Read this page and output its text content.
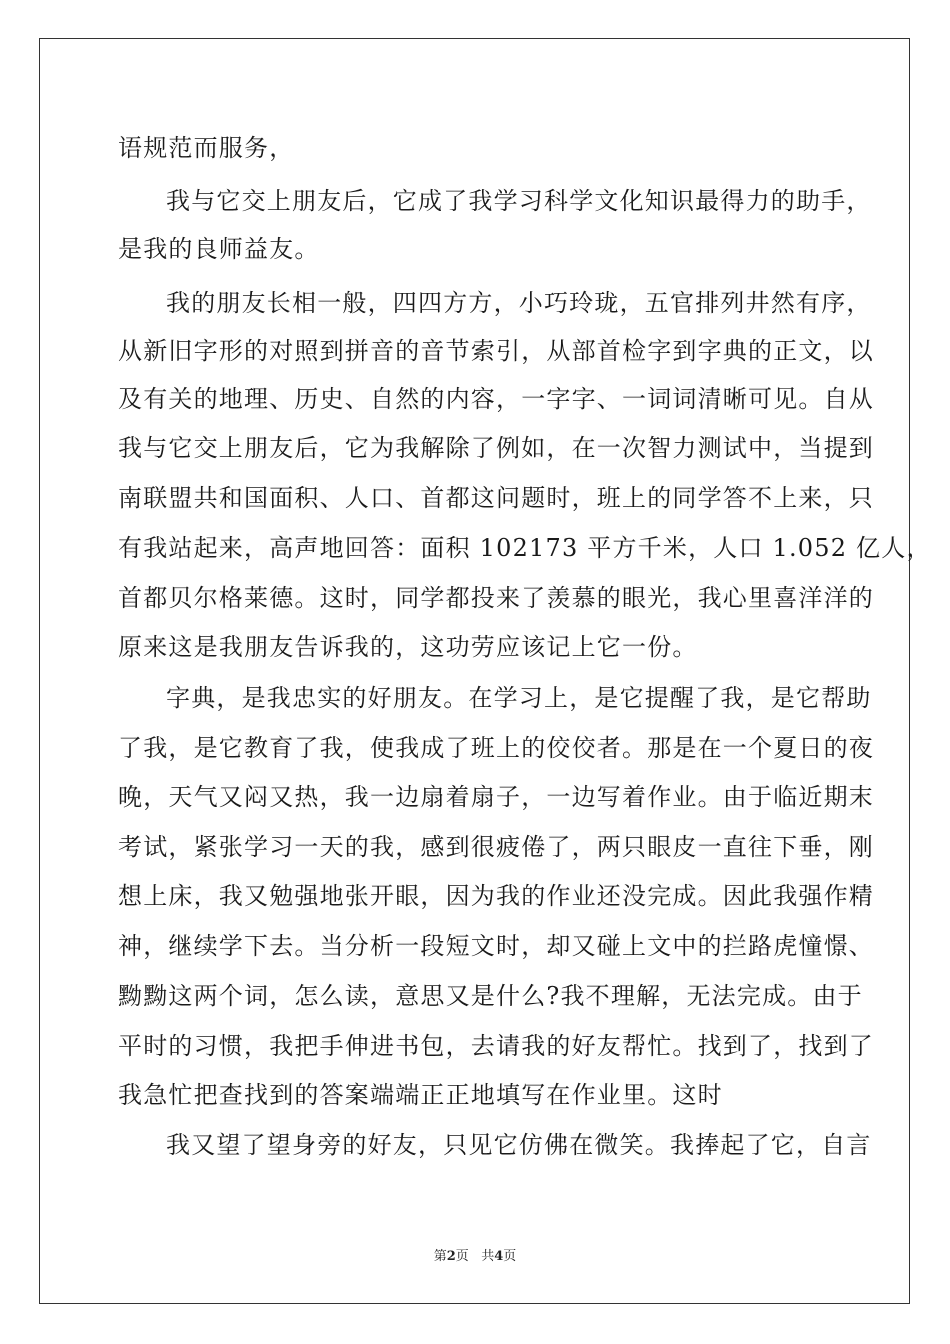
语规范而服务，
我与它交上朋友后，它成了我学习科学文化知识最得力的助手，
是我的良师益友。
我的朋友长相一般，四四方方，小巧玲珑，五官排列井然有序，
从新旧字形的对照到拼音的音节索引，从部首检字到字典的正文，以
及有关的地理、历史、自然的内容，一字字、一词词清晰可见。自从
我与它交上朋友后，它为我解除了例如，在一次智力测试中，当提到
南联盟共和国面积、人口、首都这问题时，班上的同学答不上来，只
有我站起来，高声地回答：面积 102173 平方千米，人口 1.052 亿人，
首都贝尔格莱德。这时，同学都投来了羡慕的眼光，我心里喜洋洋的
原来这是我朋友告诉我的，这功劳应该记上它一份。
字典，是我忠实的好朋友。在学习上，是它提醒了我，是它帮助
了我，是它教育了我，使我成了班上的佼佼者。那是在一个夏日的夜
晚，天气又闷又热，我一边扇着扇子，一边写着作业。由于临近期末
考试，紧张学习一天的我，感到很疲倦了，两只眼皮一直往下垂，刚
想上床，我又勉强地张开眼，因为我的作业还没完成。因此我强作精
神，继续学下去。当分析一段短文时，却又碰上文中的拦路虎憧憬、
黝黝这两个词，怎么读，意思又是什么?我不理解，无法完成。由于
平时的习惯，我把手伸进书包，去请我的好友帮忙。找到了，找到了
我急忙把查找到的答案端端正正地填写在作业里。这时
我又望了望身旁的好友，只见它仿佛在微笑。我捧起了它，自言
第2页 共4页
